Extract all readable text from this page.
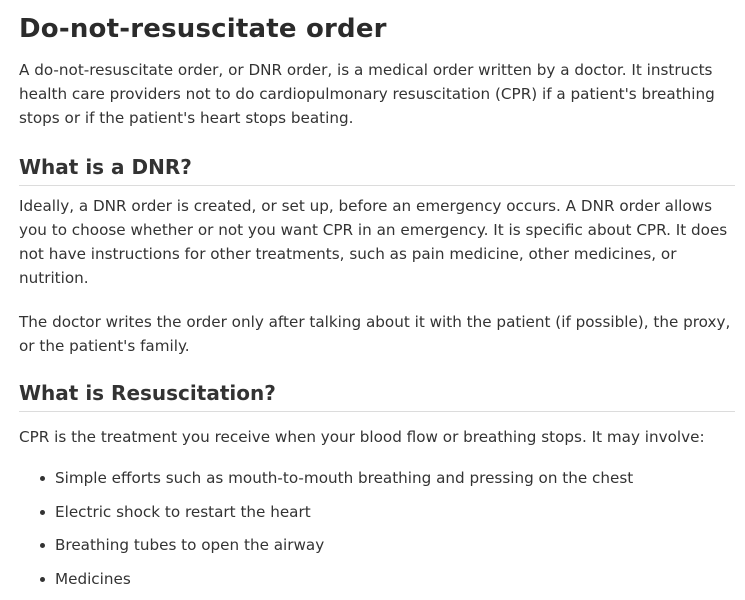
Do-not-resuscitate order

A do-not-resuscitate order, or DNR order, is a medical order written by a doctor. It instructs health care providers not to do cardiopulmonary resuscitation (CPR) if a patient's breathing stops or if the patient's heart stops beating.

What is a DNR?

Ideally, a DNR order is created, or set up, before an emergency occurs. A DNR order allows you to choose whether or not you want CPR in an emergency. It is specific about CPR. It does not have instructions for other treatments, such as pain medicine, other medicines, or nutrition.

The doctor writes the order only after talking about it with the patient (if possible), the proxy, or the patient's family.

What is Resuscitation?

CPR is the treatment you receive when your blood flow or breathing stops. It may involve:

Simple efforts such as mouth-to-mouth breathing and pressing on the chest
Electric shock to restart the heart
Breathing tubes to open the airway
Medicines
